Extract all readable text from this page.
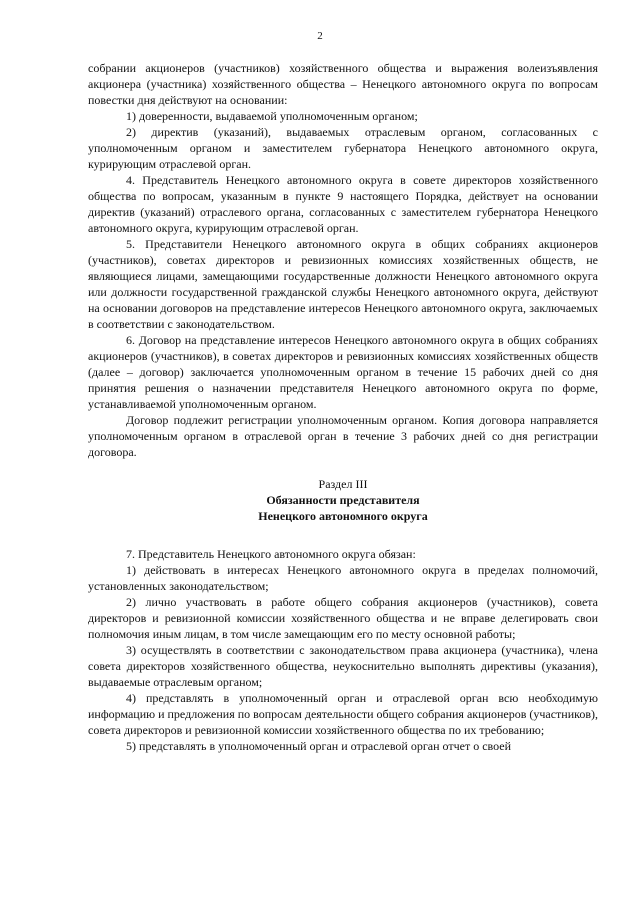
2

собрании акционеров (участников) хозяйственного общества и выражения волеизъявления акционера (участника) хозяйственного общества – Ненецкого автономного округа по вопросам повестки дня действуют на основании:

1) доверенности, выдаваемой уполномоченным органом;

2) директив (указаний), выдаваемых отраслевым органом, согласованных с уполномоченным органом и заместителем губернатора Ненецкого автономного округа, курирующим отраслевой орган.

4. Представитель Ненецкого автономного округа в совете директоров хозяйственного общества по вопросам, указанным в пункте 9 настоящего Порядка, действует на основании директив (указаний) отраслевого органа, согласованных с заместителем губернатора Ненецкого автономного округа, курирующим отраслевой орган.

5. Представители Ненецкого автономного округа в общих собраниях акционеров (участников), советах директоров и ревизионных комиссиях хозяйственных обществ, не являющиеся лицами, замещающими государственные должности Ненецкого автономного округа или должности государственной гражданской службы Ненецкого автономного округа, действуют на основании договоров на представление интересов Ненецкого автономного округа, заключаемых в соответствии с законодательством.

6. Договор на представление интересов Ненецкого автономного округа в общих собраниях акционеров (участников), в советах директоров и ревизионных комиссиях хозяйственных обществ (далее – договор) заключается уполномоченным органом в течение 15 рабочих дней со дня принятия решения о назначении представителя Ненецкого автономного округа по форме, устанавливаемой уполномоченным органом.

Договор подлежит регистрации уполномоченным органом. Копия договора направляется уполномоченным органом в отраслевой орган в течение 3 рабочих дней со дня регистрации договора.

Раздел III
Обязанности представителя
Ненецкого автономного округа

7. Представитель Ненецкого автономного округа обязан:

1) действовать в интересах Ненецкого автономного округа в пределах полномочий, установленных законодательством;

2) лично участвовать в работе общего собрания акционеров (участников), совета директоров и ревизионной комиссии хозяйственного общества и не вправе делегировать свои полномочия иным лицам, в том числе замещающим его по месту основной работы;

3) осуществлять в соответствии с законодательством права акционера (участника), члена совета директоров хозяйственного общества, неукоснительно выполнять директивы (указания), выдаваемые отраслевым органом;

4) представлять в уполномоченный орган и отраслевой орган всю необходимую информацию и предложения по вопросам деятельности общего собрания акционеров (участников), совета директоров и ревизионной комиссии хозяйственного общества по их требованию;

5) представлять в уполномоченный орган и отраслевой орган отчет о своей
